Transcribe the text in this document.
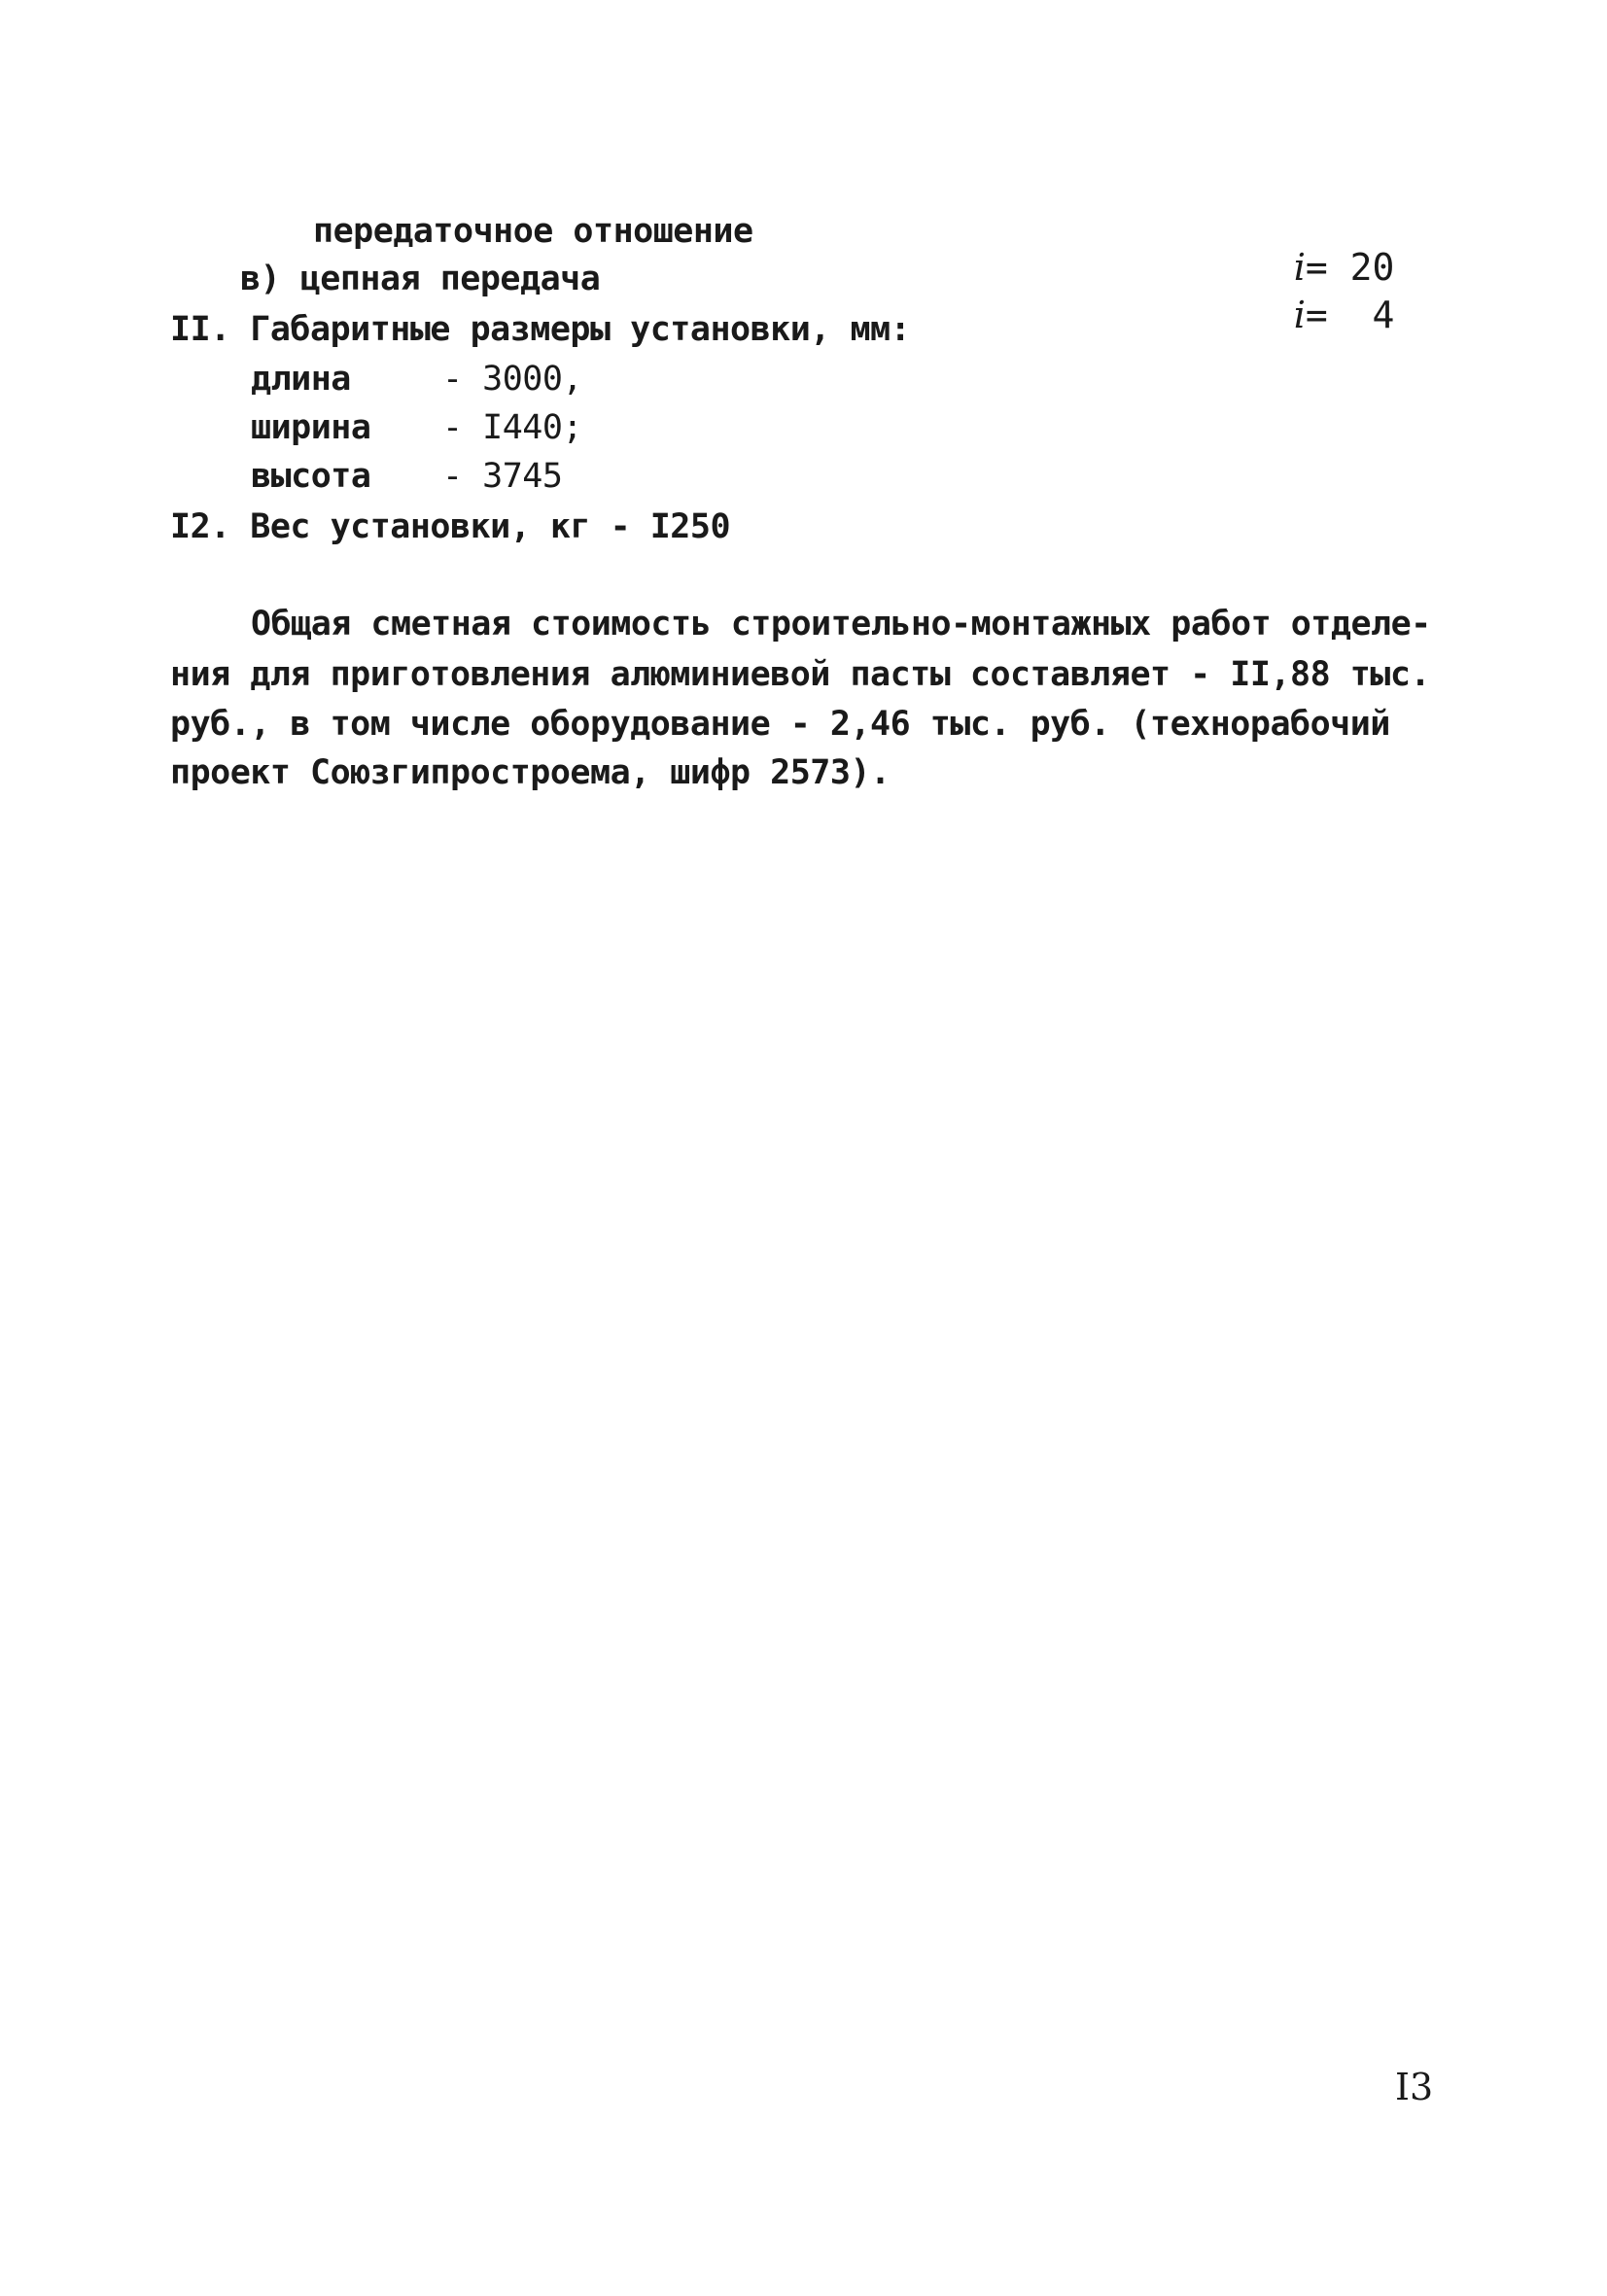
передаточное отношение

i= 20

в) цепная передача

i=  4

II. Габаритные размеры установки, мм:
длина	- 3000,
ширина - I440;
высота - 3745
I2. Вес установки, кг - I250
Общая сметная стоимость строительно-монтажных работ отделе-
ния для приготовления алюминиевой пасты составляет - II,88 тыс.
руб., в том числе оборудование - 2,46 тыс. руб. (технорабочий
проект Союзгипростроема, шифр 2573).
I3
